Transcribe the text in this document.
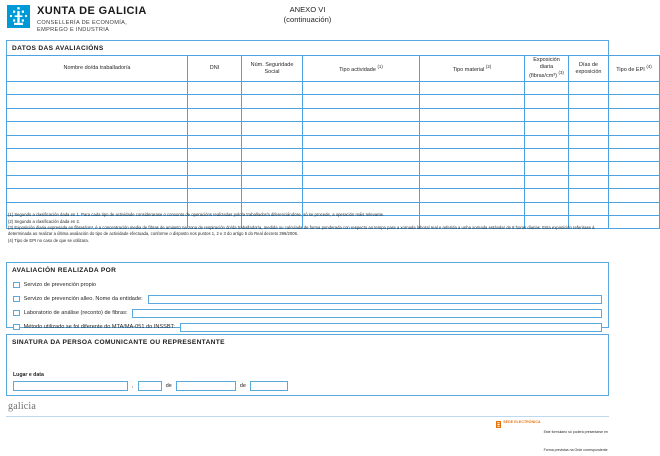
XUNTA DE GALICIA
CONSELLERÍA DE ECONOMÍA,
EMPREGO E INDUSTRIA
ANEXO VI
(continuación)
DATOS DAS AVALIACIÓNS
Nombre do/da traballador/a	DNI	Núm. Seguridade Social	Tipo actividade $^{(1)}$	Tipo material $^{(2)}$	Exposición diaria (fibras/cm³) $^{(3)}$	Días de exposición	Tipo de EPI $^{(4)}$

(1) Segundo a clasificación dada en 1. Para cada tipo de actividade considerarase o conxunto de operacións realizadas polo/a traballador/a diferenciándose, só se procede, a operación máis relevante.
(2) Segundo a clasificación dada en 2.
(3) Exposición diaria expresada en fibras/cm³, é a concentración media de fibras de amianto na zona de respiración do/da traballador/a, medida ou calculada de forma ponderada con respecto ao tempo para a xornada laboral real e referida a unha xornada estándar de 8 horas diarias. Esta exposición referirase á determinada ao realizar a última avaliación do tipo de actividade efectuada, conforme o disposto nos puntos 1, 2 e 3 do artigo 5 do Real decreto 396/2006.
(4) Tipo de EPI no caso de que se utilizara.
AVALIACIÓN REALIZADA POR
Servizo de prevención propio
Servizo de prevención alleo. Nome da entidade:
Laboratorio de análise (reconto) de fibras:
Método utilizado se foi diferente do MTA/MA-051 do INSSBT:
SINATURA DA PERSOA COMUNICANTE OU REPRESENTANTE
Lugar e data
,	de	de
galicia
SEDE ELECTRÓNICA
Este formulario só poderá presentarse en
Forma previstas na Orde correspondente
